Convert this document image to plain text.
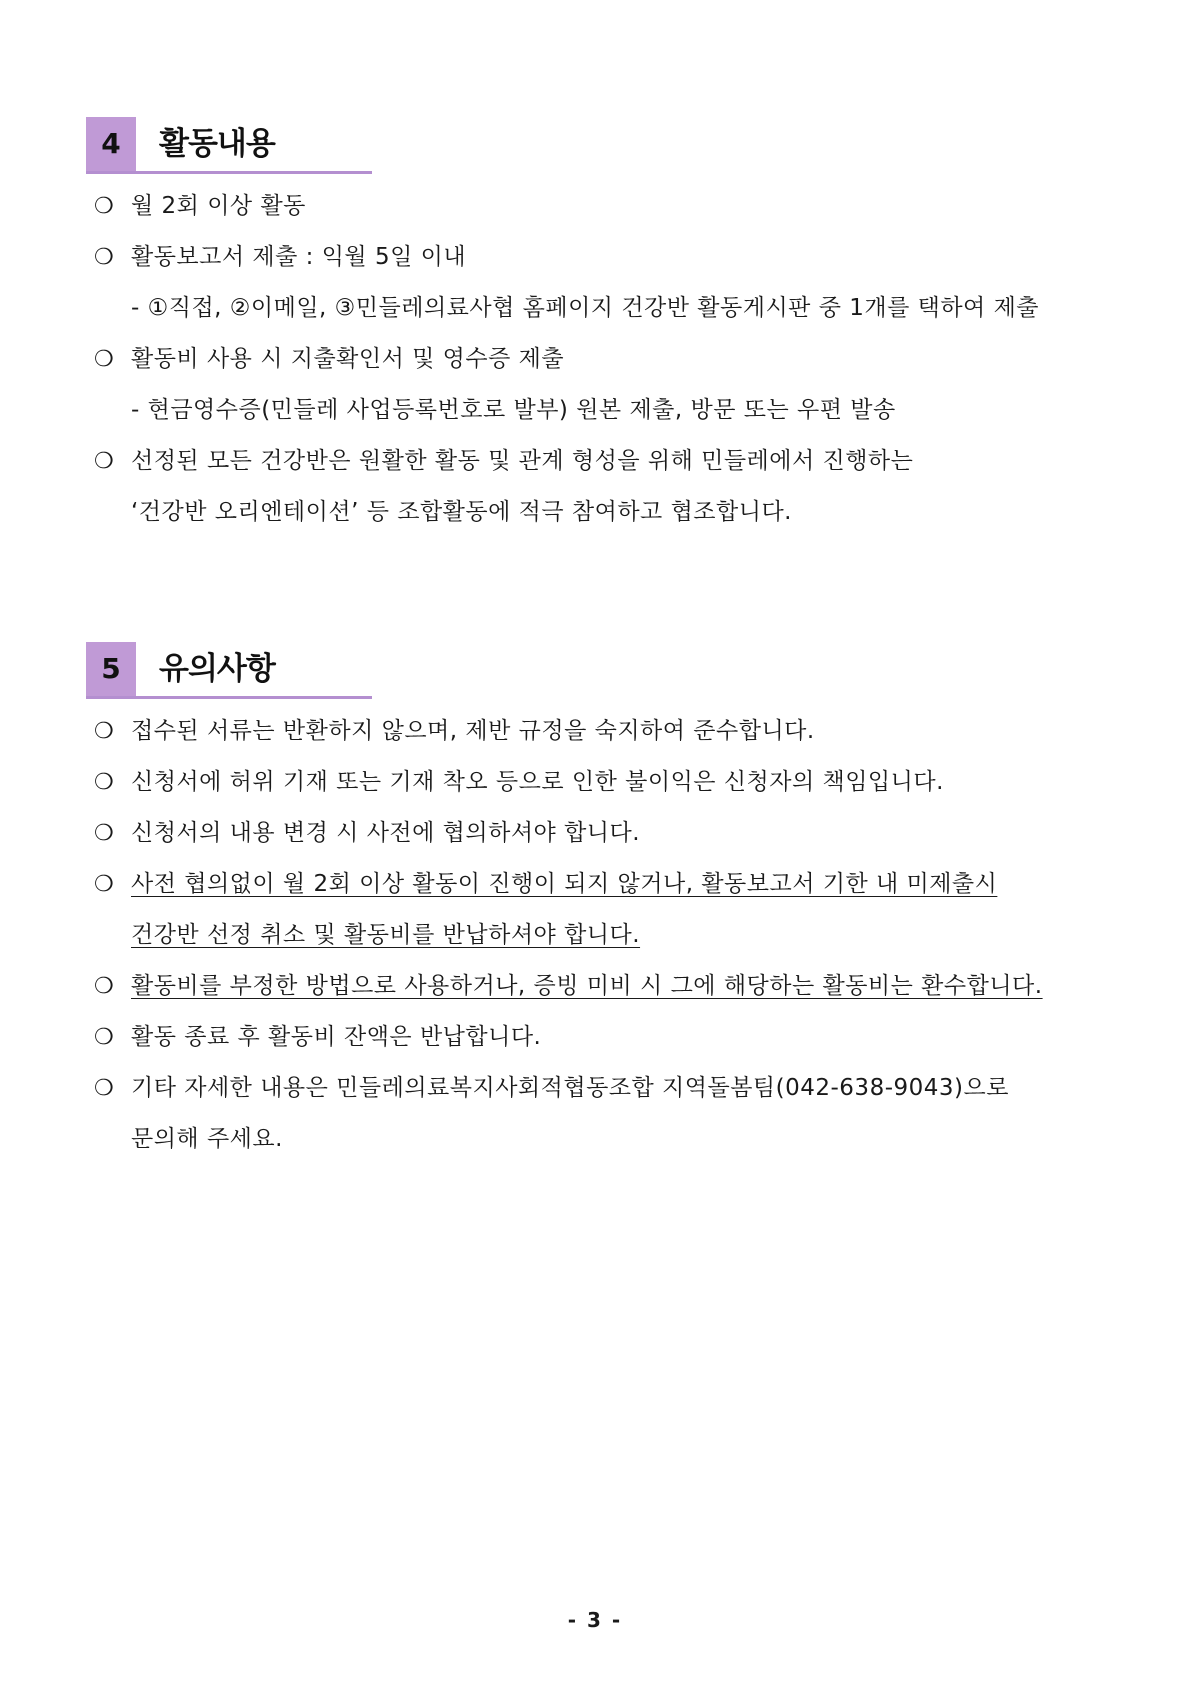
4	활동내용
❍ 월 2회 이상 활동
❍ 활동보고서 제출 : 익월 5일 이내
- ①직접, ②이메일, ③민들레의료사협 홈페이지 건강반 활동게시판 중 1개를 택하여 제출
❍ 활동비 사용 시 지출확인서 및 영수증 제출
- 현금영수증(민들레 사업등록번호로 발부) 원본 제출, 방문 또는 우편 발송
❍ 선정된 모든 건강반은 원활한 활동 및 관계 형성을 위해 민들레에서 진행하는
‘건강반 오리엔테이션’ 등 조합활동에 적극 참여하고 협조합니다.
5	유의사항
❍ 접수된 서류는 반환하지 않으며, 제반 규정을 숙지하여 준수합니다.
❍ 신청서에 허위 기재 또는 기재 착오 등으로 인한 불이익은 신청자의 책임입니다.
❍ 신청서의 내용 변경 시 사전에 협의하셔야 합니다.
❍ 사전 협의없이 월 2회 이상 활동이 진행이 되지 않거나, 활동보고서 기한 내 미제출시
건강반 선정 취소 및 활동비를 반납하셔야 합니다.
❍ 활동비를 부정한 방법으로 사용하거나, 증빙 미비 시 그에 해당하는 활동비는 환수합니다.
❍ 활동 종료 후 활동비 잔액은 반납합니다.
❍ 기타 자세한 내용은 민들레의료복지사회적협동조합 지역돌봄팀(042-638-9043)으로
문의해 주세요.
- 3 -
